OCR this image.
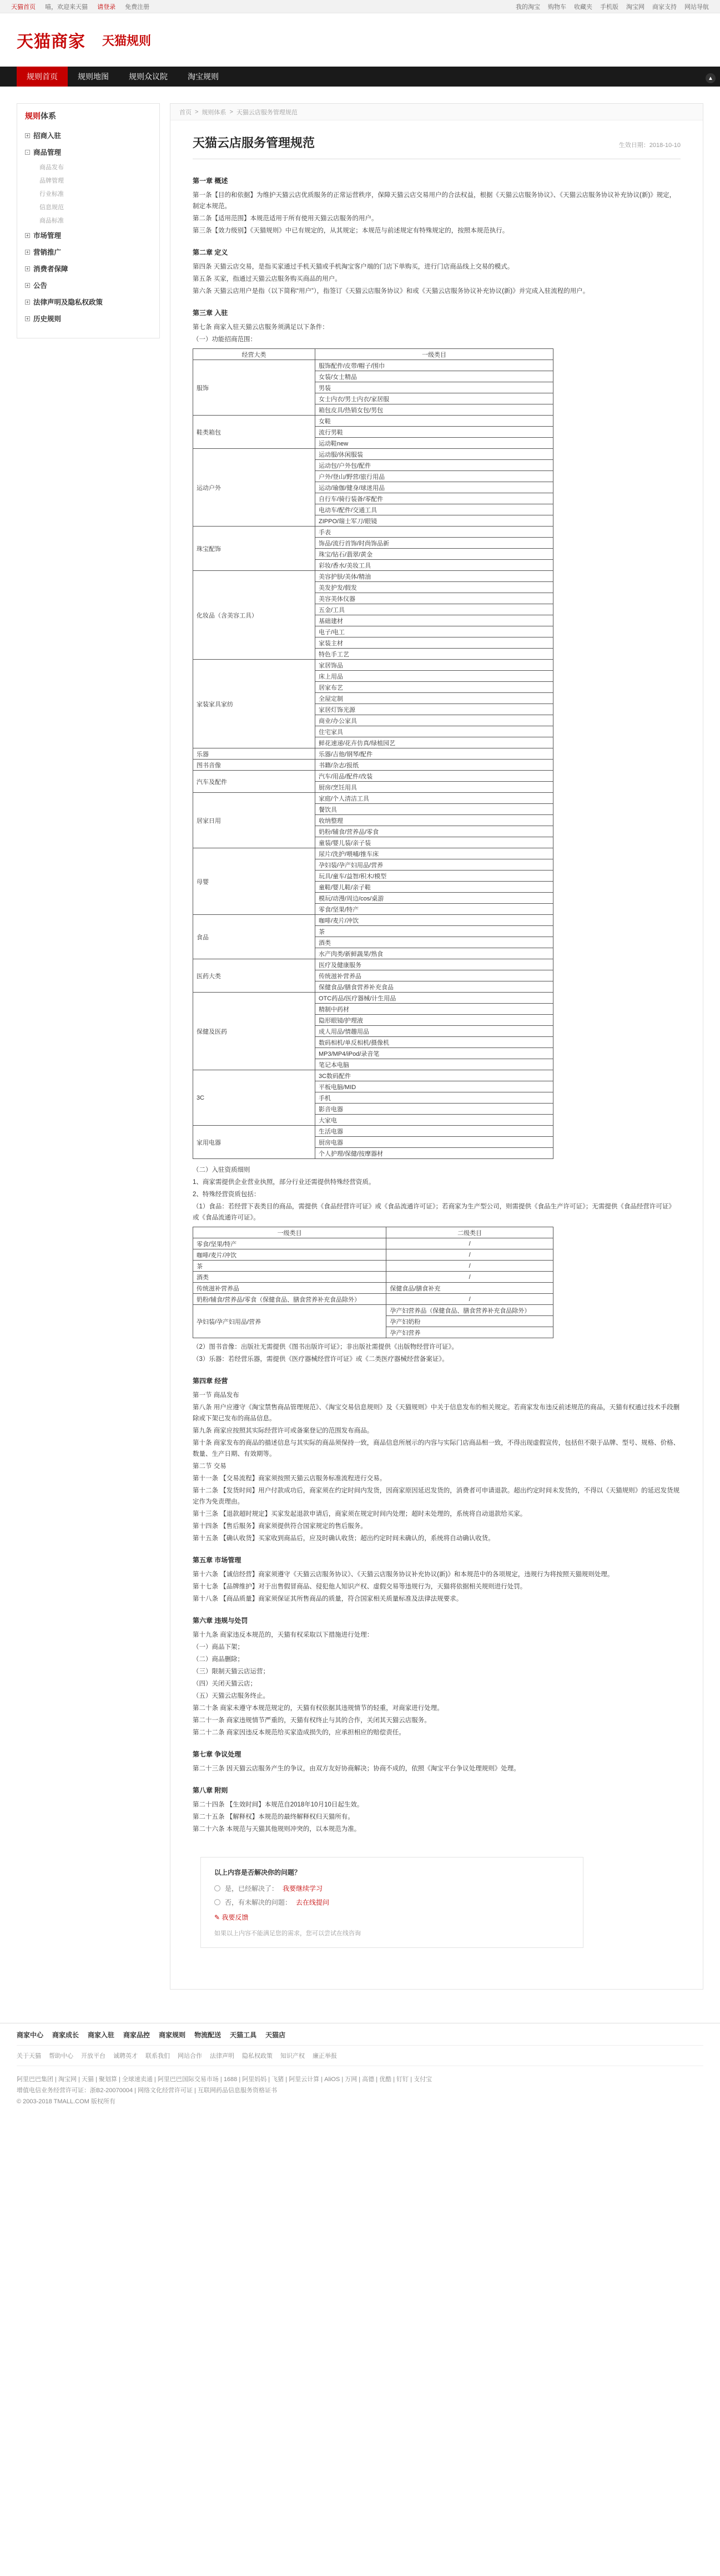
天猫首页 喵，欢迎来天猫 请登录 免费注册	我的淘宝 购物车 收藏夹 手机版 淘宝网 商家支持 网站导航
天猫商家 天猫规则
规则首页	规则地图	规则众议院	淘宝规则	▲
规则体系
+ 招商入驻
- 商品管理
商品发布
品牌管理
行业标准
信息规范
商品标准
+ 市场管理
+ 营销推广
+ 消费者保障
+ 公告
+ 法律声明及隐私权政策
+ 历史规则
首页 > 规则体系 > 天猫云店服务管理规范
天猫云店服务管理规范	生效日期：2018-10-10
第一章 概述

第一条【目的和依据】为维护天猫云店优质服务的正常运营秩序，保障天猫云店交易用户的合法权益，根据《天猫云店服务协议》、《天猫云店服务协议补充协议(新)》规定，制定本规范。

第二条【适用范围】本规范适用于所有使用天猫云店服务的用户。

第三条【效力级别】《天猫规则》中已有规定的，从其规定；本规范与前述规定有特殊规定的，按照本规范执行。

第二章 定义

第四条 天猫云店交易，是指买家通过手机天猫或手机淘宝客户端的门店下单购买，进行门店商品线上交易的模式。

第五条 买家，指通过天猫云店服务购买商品的用户。

第六条 天猫云店用户是指（以下简称“用户”），指签订《天猫云店服务协议》和或《天猫云店服务协议补充协议(新)》并完成入驻流程的用户。

第三章 入驻

第七条 商家入驻天猫云店服务须满足以下条件：

（一）功能招商范围：

经营大类	一级类目
服饰	服饰配件/皮带/帽子/围巾
	女装/女士精品
	男装
	女士内衣/男士内衣/家居服
	箱包皮具/热销女包/男包
鞋类箱包	女鞋
	流行男鞋
	运动鞋new
运动户外	运动服/休闲服装
	运动包/户外包/配件
	户外/登山/野营/旅行用品
	运动/瑜伽/健身/球迷用品
	自行车/骑行装备/零配件
	电动车/配件/交通工具
	ZIPPO/瑞士军刀/眼镜
珠宝配饰	手表
	饰品/流行首饰/时尚饰品新
	珠宝/钻石/翡翠/黄金
	彩妆/香水/美妆工具
化妆品（含美容工具）	美容护肤/美体/精油
	美发护发/假发
	美容美体仪器
	五金/工具
	基础建材
	电子/电工
	家装主材
	特色手工艺
家装家具家纺	家居饰品
	床上用品
	居家布艺
	全屋定制
	家居灯饰光源
	商业/办公家具
	住宅家具
	鲜花速递/花卉仿真/绿植园艺
乐器	乐器/吉他/钢琴/配件
图书音像	书籍/杂志/报纸
汽车及配件	汽车/用品/配件/改装
	厨房/烹饪用具
居家日用	家庭/个人清洁工具
	餐饮具
	收纳整理
	奶粉/辅食/营养品/零食
	童装/婴儿装/亲子装
母婴	尿片/洗护/喂哺/推车床
	孕妇装/孕产妇用品/营养
	玩具/童车/益智/积木/模型
	童鞋/婴儿鞋/亲子鞋
	模玩/动漫/周边/cos/桌游
	零食/坚果/特产
食品	咖啡/麦片/冲饮
	茶
	酒类
	水产肉类/新鲜蔬果/熟食
医药大类	医疗及健康服务
	传统滋补营养品
	保健食品/膳食营养补充食品
保健及医药	OTC药品/医疗器械/计生用品
	精制中药材
	隐形眼镜/护理液
	成人用品/情趣用品
	数码相机/单反相机/摄像机
	MP3/MP4/iPod/录音笔
	笔记本电脑
3C	3C数码配件
	平板电脑/MID
	手机
	影音电器
	大家电
家用电器	生活电器
	厨房电器
	个人护理/保健/按摩器材

（二）入驻资质细则

1、商家需提供企业营业执照，部分行业还需提供特殊经营资质。

2、特殊经营资质包括：

（1）食品：若经营下表类目的商品，需提供《食品经营许可证》或《食品流通许可证》；若商家为生产型公司，则需提供《食品生产许可证》；无需提供《食品经营许可证》或《食品流通许可证》。

一级类目	二级类目
零食/坚果/特产	/
咖啡/麦片/冲饮	/
茶	/
酒类	/
传统滋补营养品	保健食品/膳食补充
奶粉/辅食/营养品/零食（保健食品、膳食营养补充食品除外）	/
孕妇装/孕产妇用品/营养	孕产妇营养品（保健食品、膳食营养补充食品除外）
	孕产妇奶粉
	孕产妇营养

（2）图书音像：出版社无需提供《图书出版许可证》；非出版社需提供《出版物经营许可证》。

（3）乐器：若经营乐器，需提供《医疗器械经营许可证》或《二类医疗器械经营备案证》。

第四章 经营

第一节 商品发布

第八条 用户应遵守《淘宝禁售商品管理规范》、《淘宝交易信息规则》及《天猫规则》中关于信息发布的相关规定。若商家发布违反前述规范的商品，天猫有权通过技术手段删除或下架已发布的商品信息。

第九条 商家应按照其实际经营许可或备案登记的范围发布商品。

第十条 商家发布的商品的描述信息与其实际的商品须保持一致，商品信息所展示的内容与实际门店商品相一致，不得出现虚假宣传，包括但不限于品牌、型号、规格、价格、数量、生产日期、有效期等。

第二节 交易

第十一条 【交易流程】商家须按照天猫云店服务标准流程进行交易。

第十二条 【发货时间】用户付款成功后，商家须在约定时间内发货，因商家原因延迟发货的，消费者可申请退款。超出约定时间未发货的，不得以《天猫规则》的延迟发货规定作为免责理由。

第十三条 【退款超时规定】买家发起退款申请后，商家须在规定时间内处理；超时未处理的，系统将自动退款给买家。

第十四条 【售后服务】商家须提供符合国家规定的售后服务。

第十五条 【确认收货】买家收到商品后，应及时确认收货；超出约定时间未确认的，系统将自动确认收货。

第五章 市场管理

第十六条 【诚信经营】商家须遵守《天猫云店服务协议》、《天猫云店服务协议补充协议(新)》和本规范中的各项规定，违规行为将按照天猫规则处理。

第十七条 【品牌维护】对于出售假冒商品、侵犯他人知识产权、虚假交易等违规行为，天猫将依据相关规则进行处罚。

第十八条 【商品质量】商家须保证其所售商品的质量，符合国家相关质量标准及法律法规要求。

第六章 违规与处罚

第十九条 商家违反本规范的，天猫有权采取以下措施进行处理：

（一）商品下架；

（二）商品删除；

（三）限制天猫云店运营；

（四）关闭天猫云店；

（五）天猫云店服务终止。

第二十条 商家未遵守本规范规定的，天猫有权依据其违规情节的轻重，对商家进行处理。

第二十一条 商家违规情节严重的，天猫有权终止与其的合作，关闭其天猫云店服务。

第二十二条 商家因违反本规范给买家造成损失的，应承担相应的赔偿责任。

第七章 争议处理

第二十三条 因天猫云店服务产生的争议，由双方友好协商解决；协商不成的，依照《淘宝平台争议处理规则》处理。

第八章 附则

第二十四条 【生效时间】本规范自2018年10月10日起生效。

第二十五条 【解释权】本规范的最终解释权归天猫所有。

第二十六条 本规范与天猫其他规则冲突的，以本规范为准。

以上内容是否解决你的问题？
是，已经解决了： 我要继续学习
否，有未解决的问题： 去在线提问
✎ 我要反馈
如果以上内容不能满足您的需求，您可以尝试在线咨询
商家中心 商家成长 商家入驻 商家品控 商家规则 物流配送 天猫工具 天猫店
关于天猫 帮助中心 开放平台 诚聘英才 联系我们 网站合作 法律声明 隐私权政策 知识产权 廉正举报
阿里巴巴集团 | 淘宝网 | 天猫 | 聚划算 | 全球速卖通 | 阿里巴巴国际交易市场 | 1688 | 阿里妈妈 | 飞猪 | 阿里云计算 | AliOS | 万网 | 高德 | 优酷 | 钉钉 | 支付宝
增值电信业务经营许可证：浙B2-20070004 | 网络文化经营许可证 | 互联网药品信息服务资格证书
© 2003-2018 TMALL.COM 版权所有
